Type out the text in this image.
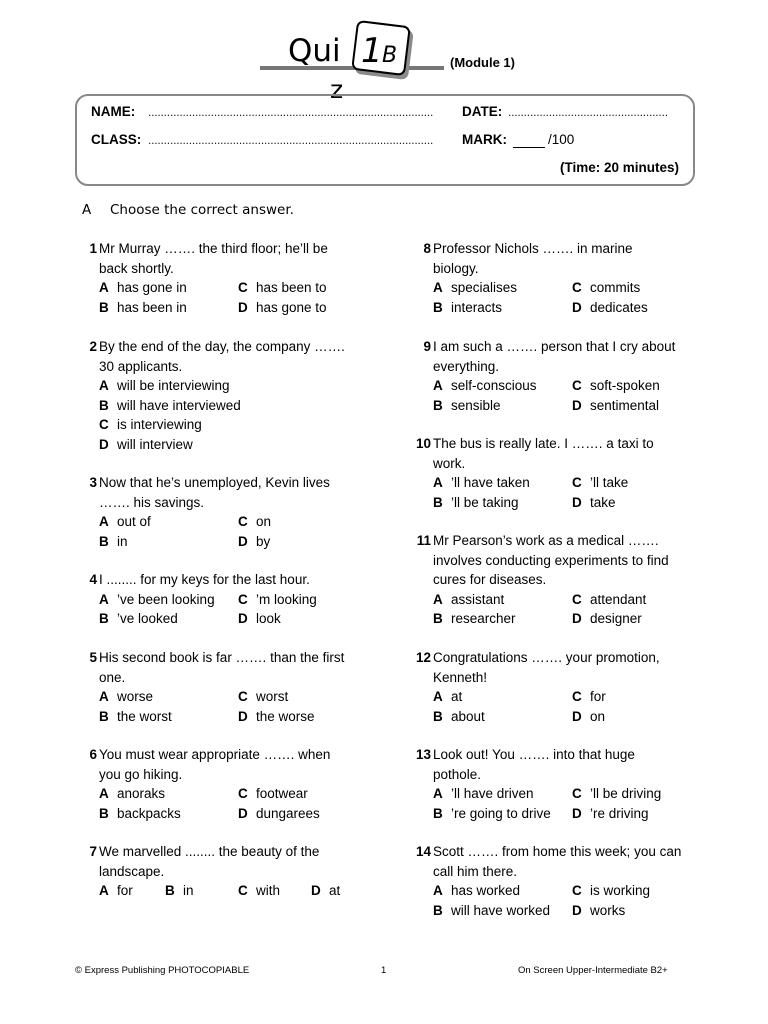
Qui
z
1 B	(Module 1)
NAME: ...........................................................................................	DATE: ...................................................
CLASS: ...........................................................................................	MARK:	/100
(Time: 20 minutes)
A Choose the correct answer.
1 Mr Murray ……. the third floor; he’ll be
back shortly.
A has gone in	C has been to
B has been in	D has gone to
2 By the end of the day, the company …….
30 applicants.
A will be interviewing
B will have interviewed
C is interviewing
D will interview
3 Now that he’s unemployed, Kevin lives
……. his savings.
A out of	C on
B in	D by
4 I ........ for my keys for the last hour.
A ’ve been looking	C ’m looking
B ’ve looked	D look
5 His second book is far ……. than the first
one.
A worse	C worst
B the worst	D the worse
6 You must wear appropriate ……. when
you go hiking.
A anoraks	C footwear
B backpacks	D dungarees
7 We marvelled ........ the beauty of the
landscape.
A for	B in	C with	D at
8 Professor Nichols ……. in marine
biology.
A specialises	C commits
B interacts	D dedicates
9 I am such a ……. person that I cry about
everything.
A self-conscious	C soft-spoken
B sensible	D sentimental
10 The bus is really late. I ……. a taxi to
work.
A ’ll have taken	C ’ll take
B ’ll be taking	D take
11 Mr Pearson’s work as a medical …….
involves conducting experiments to find
cures for diseases.
A assistant	C attendant
B researcher	D designer
12 Congratulations ……. your promotion,
Kenneth!
A at	C for
B about	D on
13 Look out! You ……. into that huge
pothole.
A ’ll have driven	C ’ll be driving
B ’re going to drive	D ’re driving
14 Scott ……. from home this week; you can
call him there.
A has worked	C is working
B will have worked	D works
© Express Publishing PHOTOCOPIABLE	1	On Screen Upper-Intermediate B2+
